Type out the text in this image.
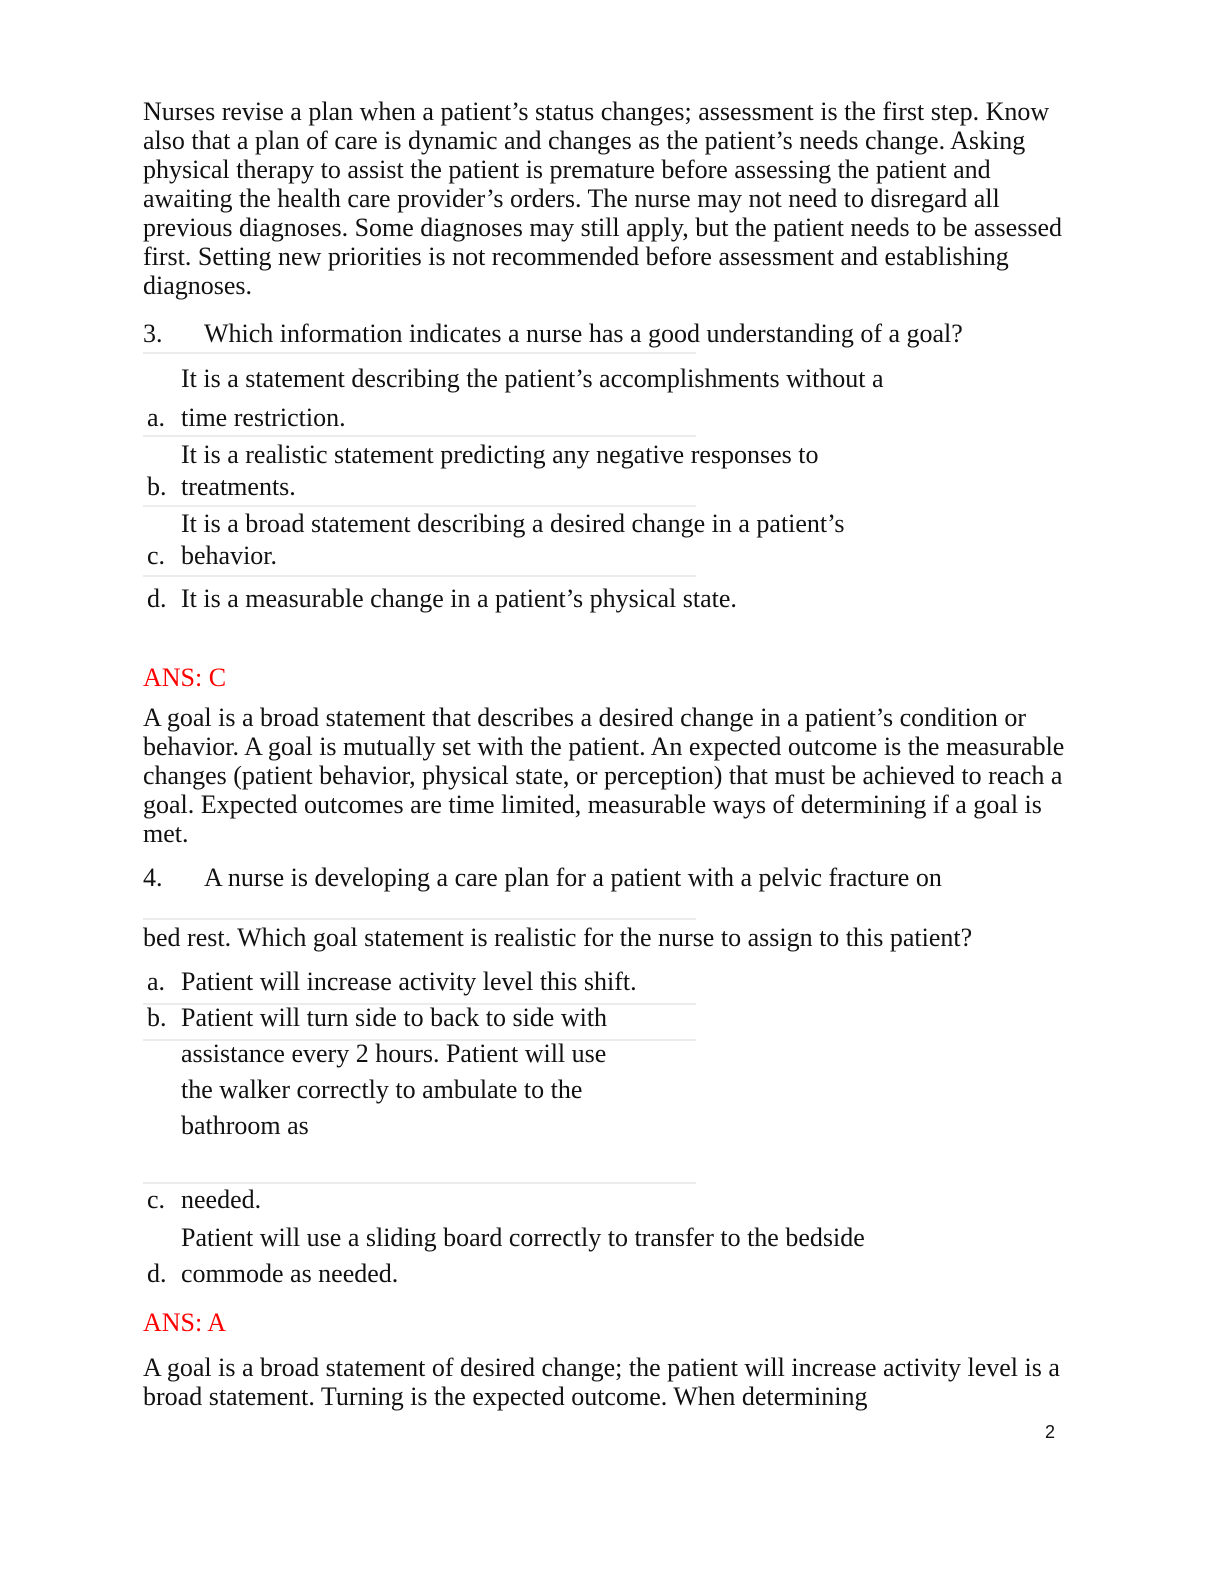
Nurses revise a plan when a patient’s status changes; assessment is the first step. Know also that a plan of care is dynamic and changes as the patient’s needs change. Asking physical therapy to assist the patient is premature before assessing the patient and awaiting the health care provider’s orders. The nurse may not need to disregard all previous diagnoses. Some diagnoses may still apply, but the patient needs to be assessed first. Setting new priorities is not recommended before assessment and establishing diagnoses.

3. Which information indicates a nurse has a good understanding of a goal?
It is a statement describing the patient’s accomplishments without a
a. time restriction.
It is a realistic statement predicting any negative responses to
b. treatments.
It is a broad statement describing a desired change in a patient’s
c. behavior.
d. It is a measurable change in a patient’s physical state.
ANS: C

A goal is a broad statement that describes a desired change in a patient’s condition or behavior. A goal is mutually set with the patient. An expected outcome is the measurable changes (patient behavior, physical state, or perception) that must be achieved to reach a goal. Expected outcomes are time limited, measurable ways of determining if a goal is met.

4. A nurse is developing a care plan for a patient with a pelvic fracture on
bed rest. Which goal statement is realistic for the nurse to assign to this patient?
a. Patient will increase activity level this shift.
b. Patient will turn side to back to side with
assistance every 2 hours. Patient will use
the walker correctly to ambulate to the
bathroom as
c. needed.
Patient will use a sliding board correctly to transfer to the bedside
d. commode as needed.
ANS: A

A goal is a broad statement of desired change; the patient will increase activity level is a broad statement. Turning is the expected outcome. When determining

2
